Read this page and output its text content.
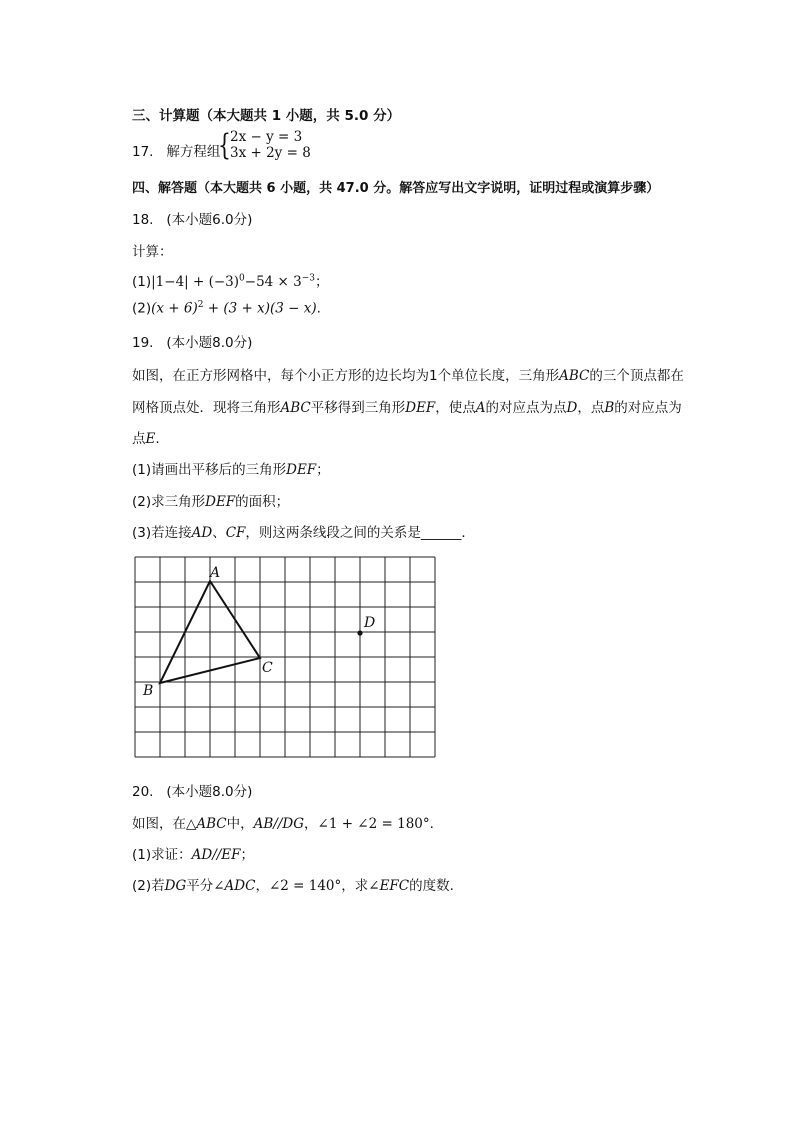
三、计算题（本大题共 1 小题，共 5.0 分）
17. 解方程组
{ 2x − y = 3
3x + 2y = 8
四、解答题（本大题共 6 小题，共 47.0 分。解答应写出文字说明，证明过程或演算步骤）
18. (本小题6.0分)
计算：
$(1)|1-4| + (-3)^0-54 \times 3^{-3}$；
$(2)(x + 6)^2 + (3 + x)(3 - x)$.
19. (本小题8.0分)
如图，在正方形网格中，每个小正方形的边长均为1个单位长度，三角形ABC的三个顶点都在
网格顶点处．现将三角形ABC平移得到三角形DEF，使点A的对应点为点D，点B的对应点为
点E.
(1)请画出平移后的三角形DEF；
(2)求三角形DEF的面积；
(3)若连接AD、CF，则这两条线段之间的关系是______．
A
B
C
D
20. (本小题8.0分)
如图，在△ABC中，AB//DG，∠1 + ∠2 = 180°.
(1)求证：AD//EF；
(2)若DG平分∠ADC，∠2 = 140°，求∠EFC的度数.
